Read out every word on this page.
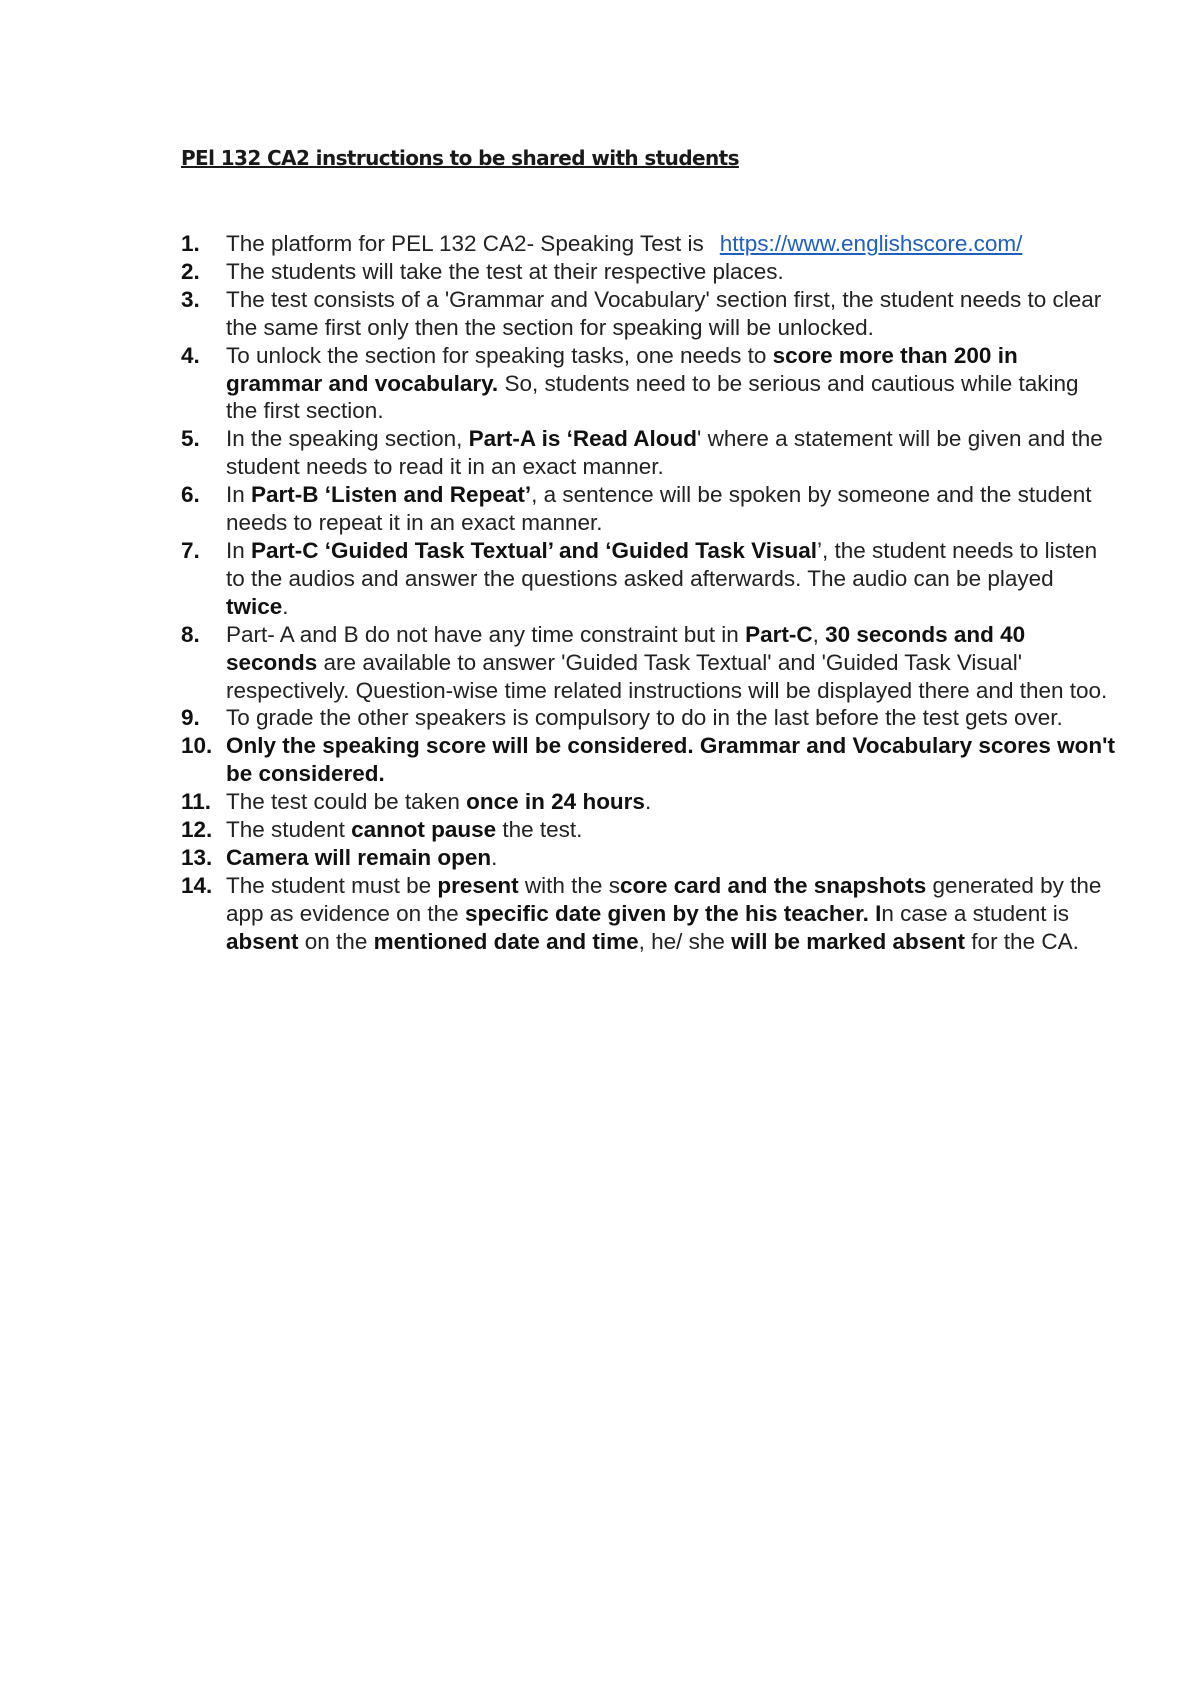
PEl 132 CA2 instructions to be shared with students
1.	The platform for PEL 132 CA2- Speaking Test is https://www.englishscore.com/
2.	The students will take the test at their respective places.
3.	The test consists of a 'Grammar and Vocabulary' section first, the student needs to clear the same first only then the section for speaking will be unlocked.
4.	To unlock the section for speaking tasks, one needs to score more than 200 in grammar and vocabulary. So, students need to be serious and cautious while taking the first section.
5.	In the speaking section, Part-A is ‘Read Aloud' where a statement will be given and the student needs to read it in an exact manner.
6.	In Part-B ‘Listen and Repeat’, a sentence will be spoken by someone and the student needs to repeat it in an exact manner.
7.	In Part-C ‘Guided Task Textual’ and ‘Guided Task Visual’, the student needs to listen to the audios and answer the questions asked afterwards. The audio can be played twice.
8.	Part- A and B do not have any time constraint but in Part-C, 30 seconds and 40 seconds are available to answer 'Guided Task Textual' and 'Guided Task Visual' respectively. Question-wise time related instructions will be displayed there and then too.
9.	To grade the other speakers is compulsory to do in the last before the test gets over.
10. Only the speaking score will be considered. Grammar and Vocabulary scores won't be considered.
11. The test could be taken once in 24 hours.
12. The student cannot pause the test.
13. Camera will remain open.
14. The student must be present with the score card and the snapshots generated by the app as evidence on the specific date given by the his teacher. In case a student is absent on the mentioned date and time, he/ she will be marked absent for the CA.
